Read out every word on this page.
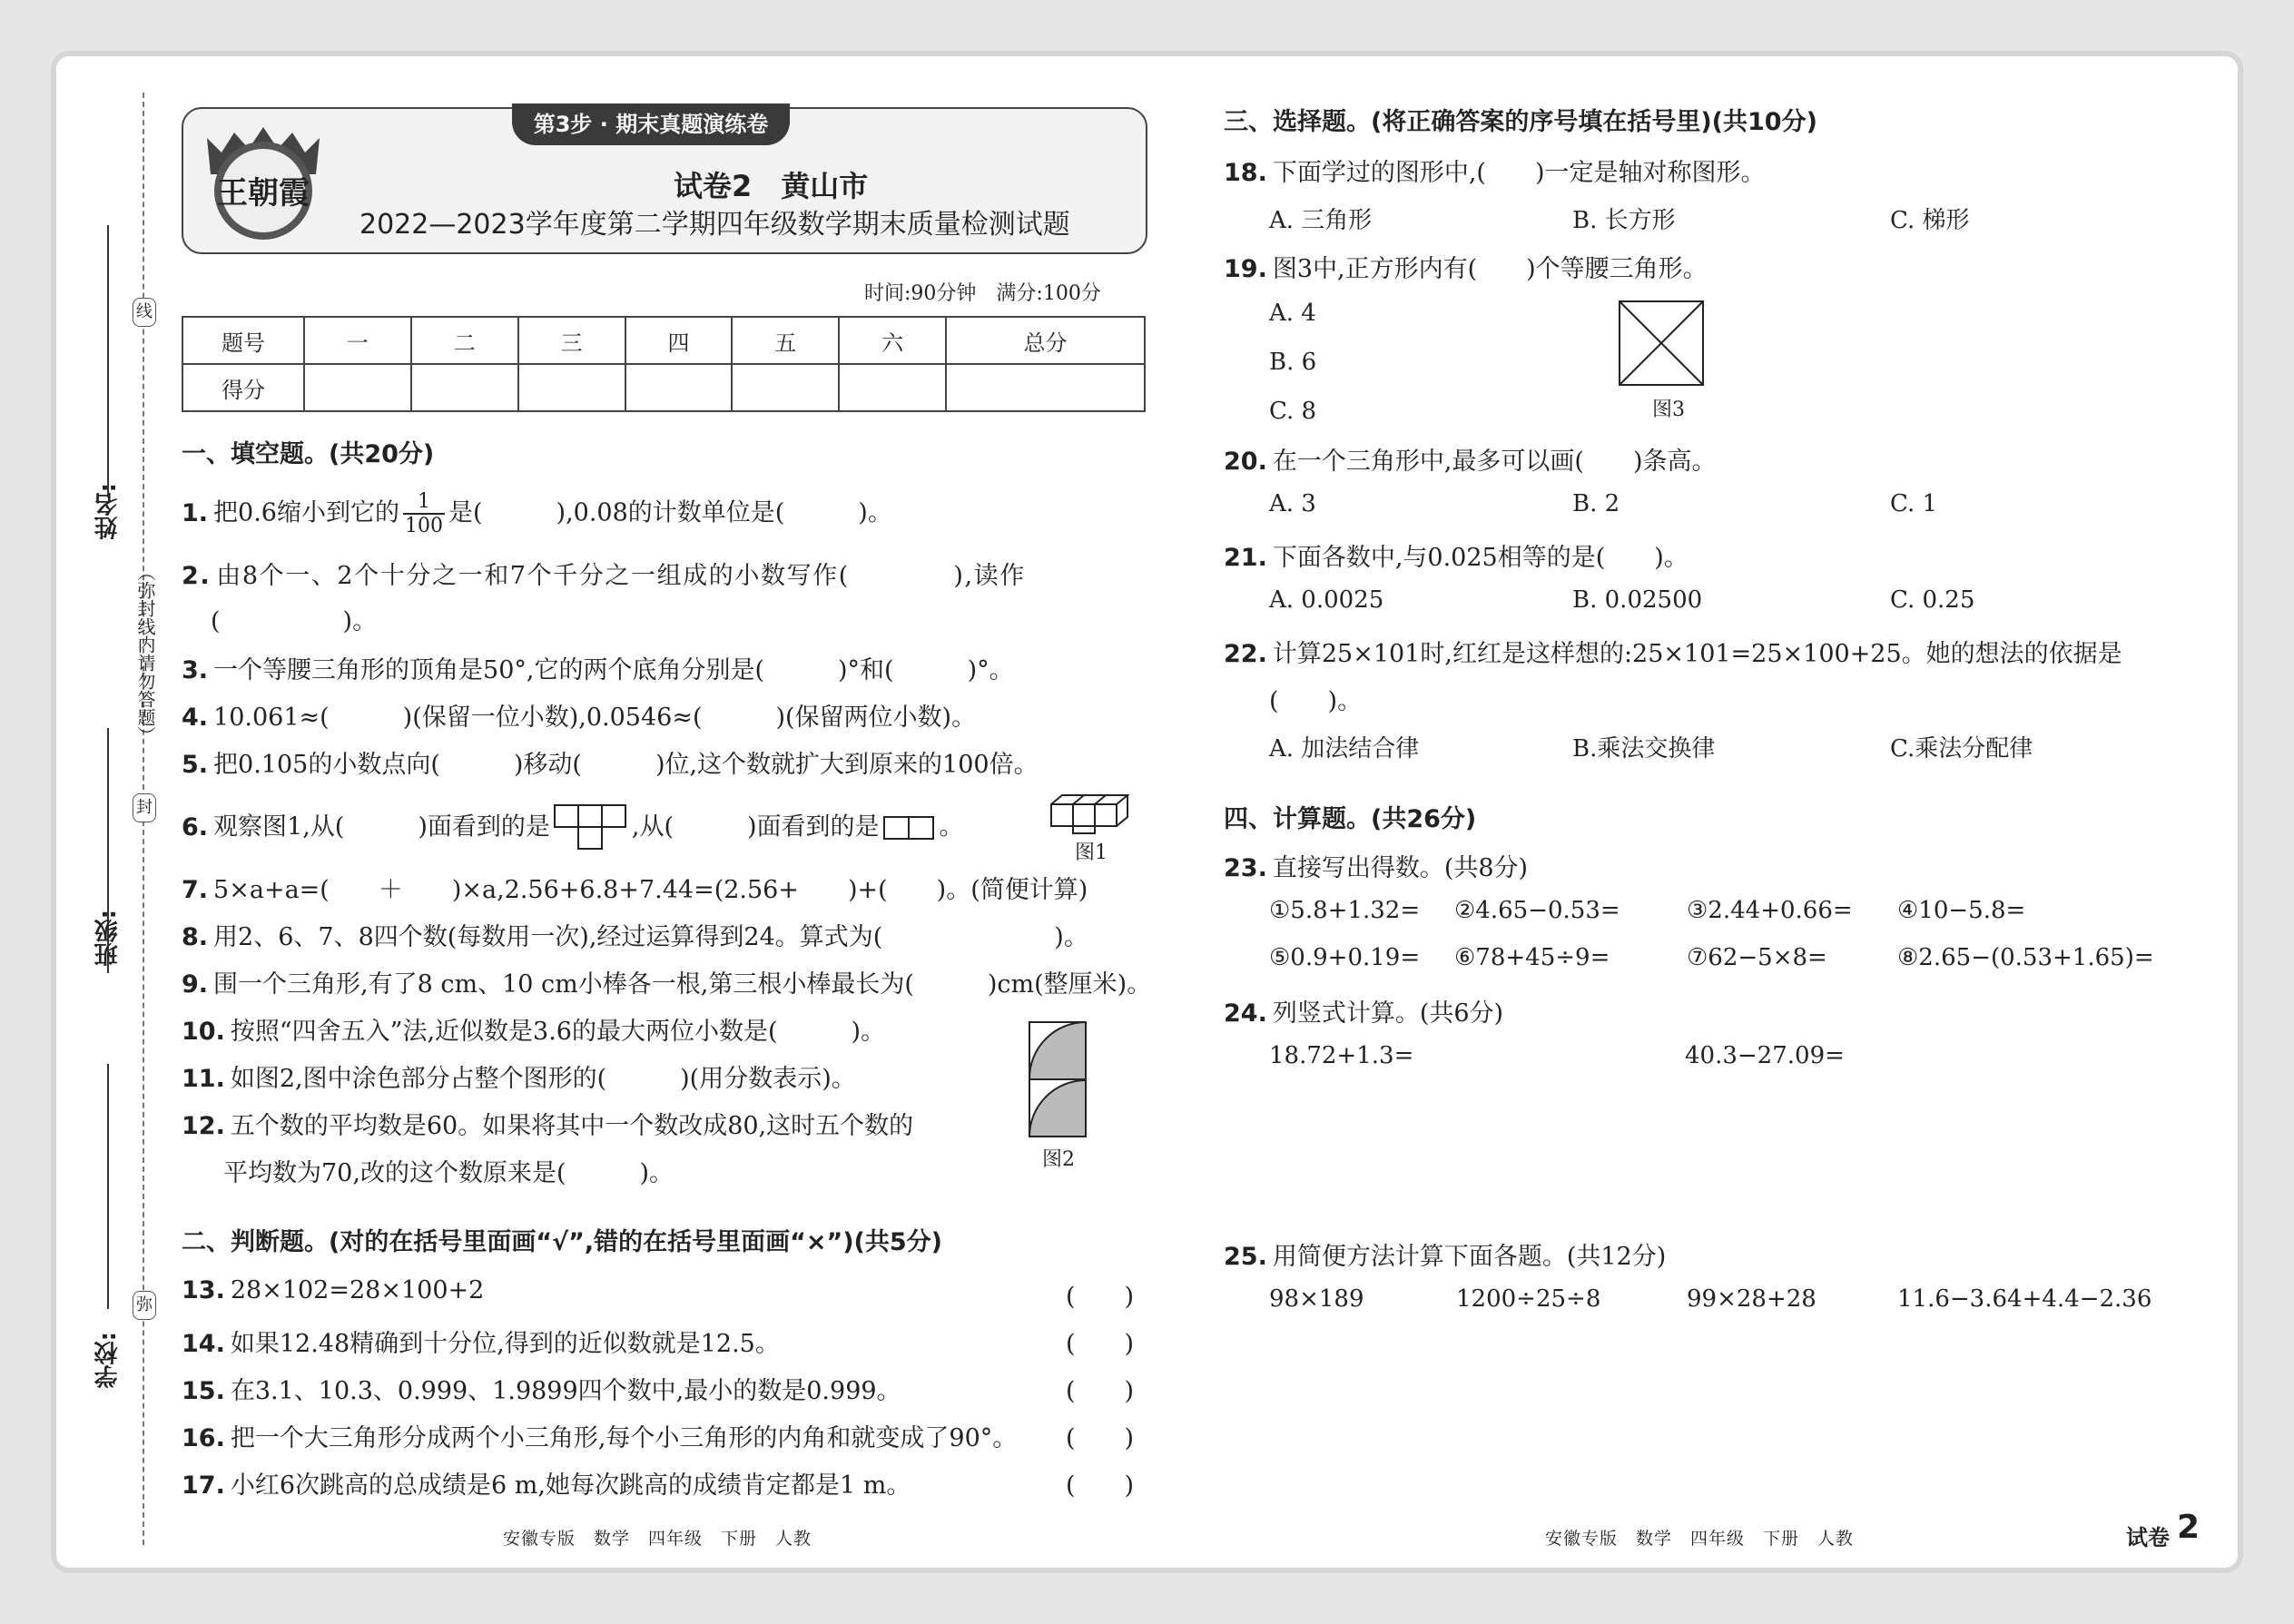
线
封
弥
（弥封线内请勿答题）
姓名:
班级:
学校:
第3步 · 期末真题演练卷
王朝霞	试卷2　黄山市
2022—2023学年度第二学期四年级数学期末质量检测试题
时间:90分钟　满分:100分
题号	一	二	三	四	五	六	总分
得分							
一、填空题。(共20分)
1. 把0.6缩小到它的 $\frac{1}{100}$ 是(　　　),0.08的计数单位是(　　　)。
2. 由8个一、2个十分之一和7个千分之一组成的小数写作(　　　　),读作
(　　　　　)。
3. 一个等腰三角形的顶角是50°,它的两个底角分别是(　　　)°和(　　　)°。
4. 10.061≈(　　　)(保留一位小数),0.0546≈(　　　)(保留两位小数)。
5. 把0.105的小数点向(　　　)移动(　　　)位,这个数就扩大到原来的100倍。
6. 观察图1,从(　　　)面看到的是	,从(　　　)面看到的是 。
图1
7. 5×a+a=(　　＋　　)×a,2.56+6.8+7.44=(2.56+　　)+(　　)。(简便计算)
8. 用2、6、7、8四个数(每数用一次),经过运算得到24。算式为(　　　　　　　)。
9. 围一个三角形,有了8 cm、10 cm小棒各一根,第三根小棒最长为(　　　)cm(整厘米)。
10. 按照“四舍五入”法,近似数是3.6的最大两位小数是(　　　)。
11. 如图2,图中涂色部分占整个图形的(　　　)(用分数表示)。
12. 五个数的平均数是60。如果将其中一个数改成80,这时五个数的
平均数为70,改的这个数原来是(　　　)。	图2
二、判断题。(对的在括号里面画“√”,错的在括号里面画“×”)(共5分)
13. 28×102=28×100+2	(　　)
14. 如果12.48精确到十分位,得到的近似数就是12.5。	(　　)
15. 在3.1、10.3、0.999、1.9899四个数中,最小的数是0.999。	(　　)
16. 把一个大三角形分成两个小三角形,每个小三角形的内角和就变成了90°。 (　　)
17. 小红6次跳高的总成绩是6 m,她每次跳高的成绩肯定都是1 m。	(　　)
安徽专版　数学　四年级　下册　人教
三、选择题。(将正确答案的序号填在括号里)(共10分)
18. 下面学过的图形中,(　　)一定是轴对称图形。
A. 三角形	B. 长方形	C. 梯形
19. 图3中,正方形内有(　　)个等腰三角形。
A. 4
B. 6
C. 8	图3
20. 在一个三角形中,最多可以画(　　)条高。
A. 3	B. 2	C. 1
21. 下面各数中,与0.025相等的是(　　)。
A. 0.0025	B. 0.02500	C. 0.25
22. 计算25×101时,红红是这样想的:25×101=25×100+25。她的想法的依据是
(　　)。
A. 加法结合律	B.乘法交换律	C.乘法分配律
四、计算题。(共26分)
23. 直接写出得数。(共8分)
①5.8+1.32= ②4.65−0.53=	③2.44+0.66= ④10−5.8=
⑤0.9+0.19= ⑥78+45÷9=	⑦62−5×8=	⑧2.65−(0.53+1.65)=
24. 列竖式计算。(共6分)
18.72+1.3=	40.3−27.09=
25. 用简便方法计算下面各题。(共12分)
98×189	1200÷25÷8	99×28+28	11.6−3.64+4.4−2.36
安徽专版　数学　四年级　下册　人教	试卷 2
